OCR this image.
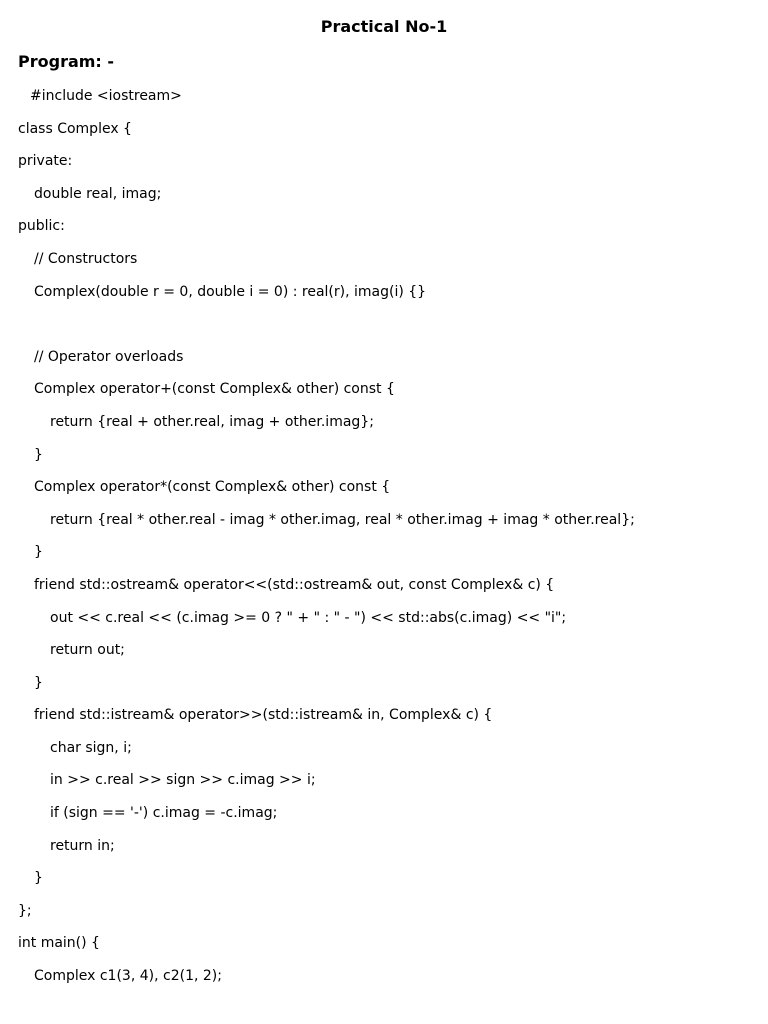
Practical No-1
Program: -
#include <iostream>
class Complex {
private:
double real, imag;
public:
// Constructors
Complex(double r = 0, double i = 0) : real(r), imag(i) {}
// Operator overloads
Complex operator+(const Complex& other) const {
return {real + other.real, imag + other.imag};
}
Complex operator*(const Complex& other) const {
return {real * other.real - imag * other.imag, real * other.imag + imag * other.real};
}
friend std::ostream& operator<<(std::ostream& out, const Complex& c) {
out << c.real << (c.imag >= 0 ? " + " : " - ") << std::abs(c.imag) << "i";
return out;
}
friend std::istream& operator>>(std::istream& in, Complex& c) {
char sign, i;
in >> c.real >> sign >> c.imag >> i;
if (sign == '-') c.imag = -c.imag;
return in;
}
};
int main() {
Complex c1(3, 4), c2(1, 2);
